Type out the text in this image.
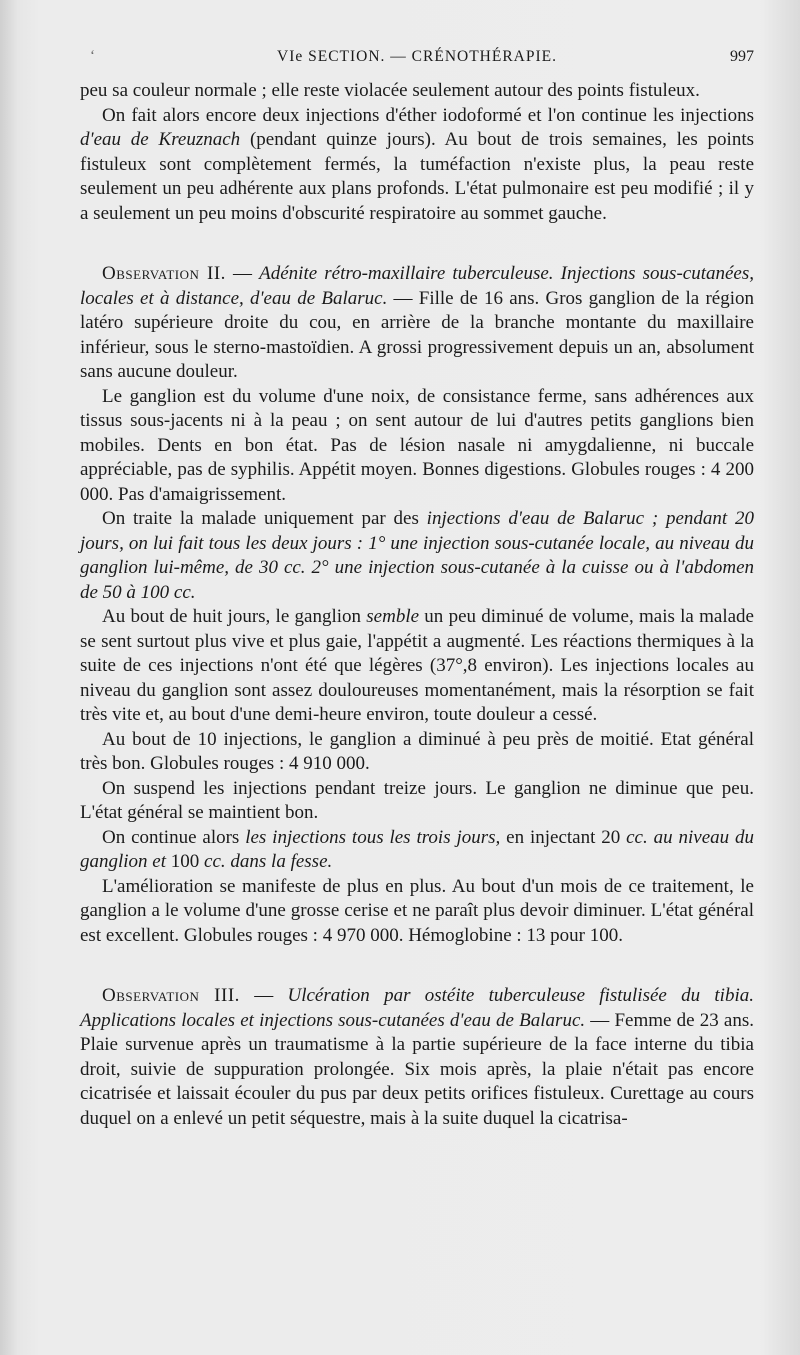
‘	VIe SECTION. — CRÉNOTHÉRAPIE.	997

peu sa couleur normale ; elle reste violacée seulement autour des points fistuleux.

On fait alors encore deux injections d'éther iodoformé et l'on continue les injections d'eau de Kreuznach (pendant quinze jours). Au bout de trois semaines, les points fistuleux sont complètement fermés, la tuméfaction n'existe plus, la peau reste seulement un peu adhérente aux plans profonds. L'état pulmonaire est peu modifié ; il y a seulement un peu moins d'obscurité respiratoire au sommet gauche.

Observation II. — Adénite rétro-maxillaire tuberculeuse. Injections sous-cutanées, locales et à distance, d'eau de Balaruc. — Fille de 16 ans. Gros ganglion de la région latéro supérieure droite du cou, en arrière de la branche montante du maxillaire inférieur, sous le sterno-mastoïdien. A grossi progressivement depuis un an, absolument sans aucune douleur.

Le ganglion est du volume d'une noix, de consistance ferme, sans adhérences aux tissus sous-jacents ni à la peau ; on sent autour de lui d'autres petits ganglions bien mobiles. Dents en bon état. Pas de lésion nasale ni amygdalienne, ni buccale appréciable, pas de syphilis. Appétit moyen. Bonnes digestions. Globules rouges : 4 200 000. Pas d'amaigrissement.

On traite la malade uniquement par des injections d'eau de Balaruc ; pendant 20 jours, on lui fait tous les deux jours : 1° une injection sous-cutanée locale, au niveau du ganglion lui-même, de 30 cc. 2° une injection sous-cutanée à la cuisse ou à l'abdomen de 50 à 100 cc.

Au bout de huit jours, le ganglion semble un peu diminué de volume, mais la malade se sent surtout plus vive et plus gaie, l'appétit a augmenté. Les réactions thermiques à la suite de ces injections n'ont été que légères (37°,8 environ). Les injections locales au niveau du ganglion sont assez douloureuses momentanément, mais la résorption se fait très vite et, au bout d'une demi-heure environ, toute douleur a cessé.

Au bout de 10 injections, le ganglion a diminué à peu près de moitié. Etat général très bon. Globules rouges : 4 910 000.

On suspend les injections pendant treize jours. Le ganglion ne diminue que peu. L'état général se maintient bon.

On continue alors les injections tous les trois jours, en injectant 20 cc. au niveau du ganglion et 100 cc. dans la fesse.

L'amélioration se manifeste de plus en plus. Au bout d'un mois de ce traitement, le ganglion a le volume d'une grosse cerise et ne paraît plus devoir diminuer. L'état général est excellent. Globules rouges : 4 970 000. Hémoglobine : 13 pour 100.

Observation III. — Ulcération par ostéite tuberculeuse fistulisée du tibia. Applications locales et injections sous-cutanées d'eau de Balaruc. — Femme de 23 ans. Plaie survenue après un traumatisme à la partie supérieure de la face interne du tibia droit, suivie de suppuration prolongée. Six mois après, la plaie n'était pas encore cicatrisée et laissait écouler du pus par deux petits orifices fistuleux. Curettage au cours duquel on a enlevé un petit séquestre, mais à la suite duquel la cicatrisa-
